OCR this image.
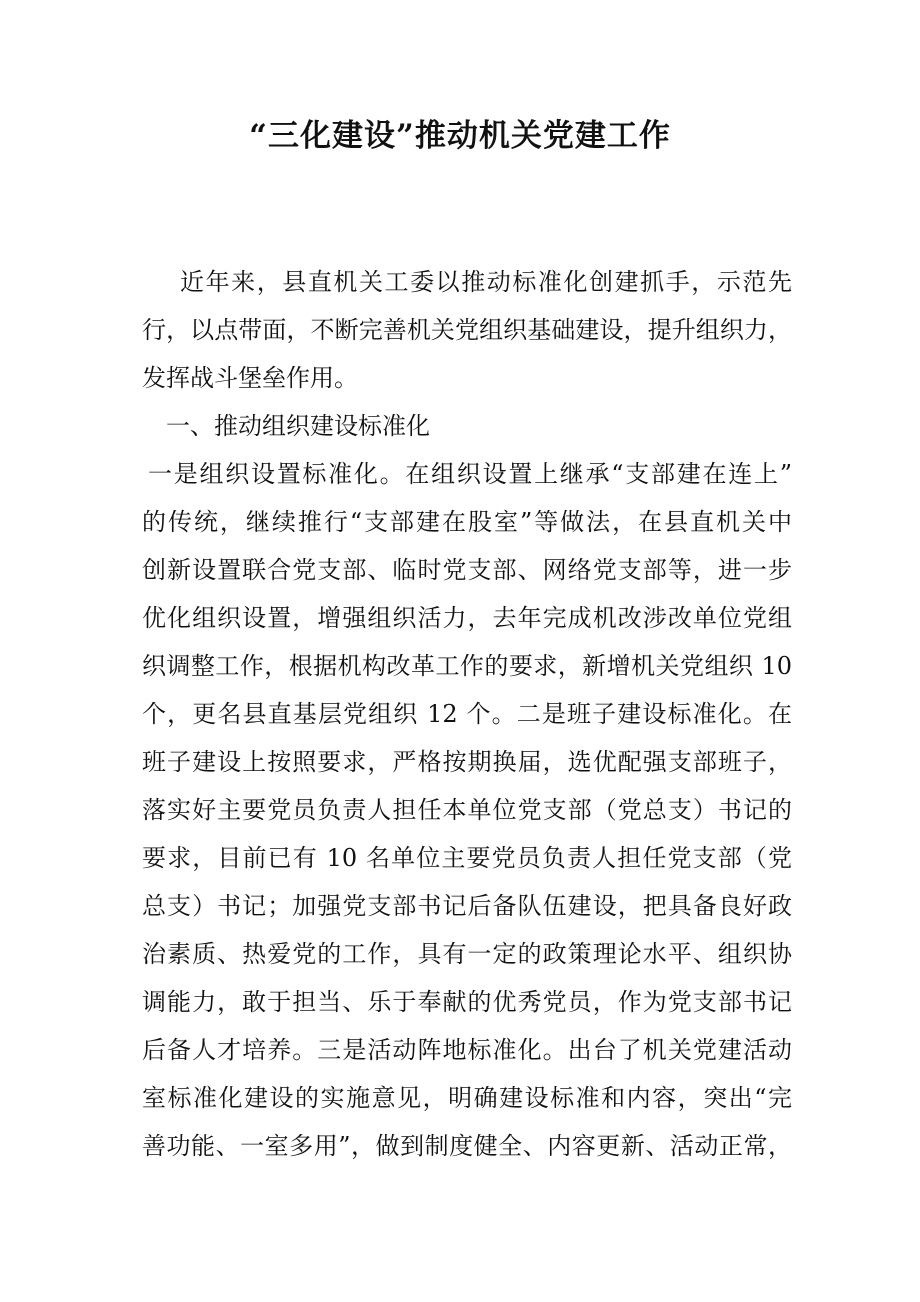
“三化建设”推动机关党建工作
近年来，县直机关工委以推动标准化创建抓手，示范先
行，以点带面，不断完善机关党组织基础建设，提升组织力，
发挥战斗堡垒作用。
一、推动组织建设标准化
一是组织设置标准化。在组织设置上继承“支部建在连上”
的传统，继续推行“支部建在股室”等做法，在县直机关中
创新设置联合党支部、临时党支部、网络党支部等，进一步
优化组织设置，增强组织活力，去年完成机改涉改单位党组
织调整工作，根据机构改革工作的要求，新增机关党组织 10
个，更名县直基层党组织 12 个。二是班子建设标准化。在
班子建设上按照要求，严格按期换届，选优配强支部班子，
落实好主要党员负责人担任本单位党支部（党总支）书记的
要求，目前已有 10 名单位主要党员负责人担任党支部（党
总支）书记；加强党支部书记后备队伍建设，把具备良好政
治素质、热爱党的工作，具有一定的政策理论水平、组织协
调能力，敢于担当、乐于奉献的优秀党员，作为党支部书记
后备人才培养。三是活动阵地标准化。出台了机关党建活动
室标准化建设的实施意见，明确建设标准和内容，突出“完
善功能、一室多用”，做到制度健全、内容更新、活动正常，
